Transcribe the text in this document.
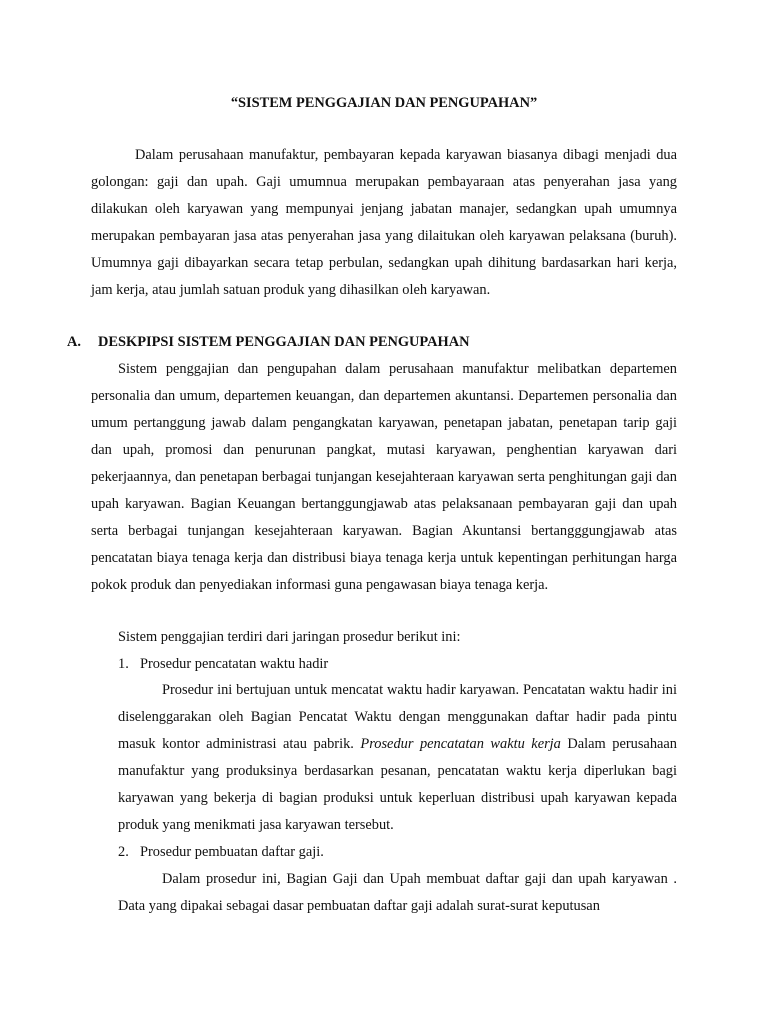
“SISTEM PENGGAJIAN DAN PENGUPAHAN”

Dalam perusahaan manufaktur, pembayaran kepada karyawan biasanya dibagi menjadi dua golongan: gaji dan upah. Gaji umumnua merupakan pembayaraan atas penyerahan jasa yang dilakukan oleh karyawan yang mempunyai jenjang jabatan manajer, sedangkan upah umumnya merupakan pembayaran jasa atas penyerahan jasa yang dilaitukan oleh karyawan pelaksana (buruh). Umumnya gaji dibayarkan secara tetap perbulan, sedangkan upah dihitung bardasarkan hari kerja, jam kerja, atau jumlah satuan produk yang dihasilkan oleh karyawan.

A. DESKPIPSI SISTEM PENGGAJIAN DAN PENGUPAHAN

Sistem penggajian dan pengupahan dalam perusahaan manufaktur melibatkan departemen personalia dan umum, departemen keuangan, dan departemen akuntansi. Departemen personalia dan umum pertanggung jawab dalam pengangkatan karyawan, penetapan jabatan, penetapan tarip gaji dan upah, promosi dan penurunan pangkat, mutasi karyawan, penghentian karyawan dari pekerjaannya, dan penetapan berbagai tunjangan kesejahteraan karyawan serta penghitungan gaji dan upah karyawan. Bagian Keuangan bertanggungjawab atas pelaksanaan pembayaran gaji dan upah serta berbagai tunjangan kesejahteraan karyawan. Bagian Akuntansi bertangggungjawab atas pencatatan biaya tenaga kerja dan distribusi biaya tenaga kerja untuk kepentingan perhitungan harga pokok produk dan penyediakan informasi guna pengawasan biaya tenaga kerja.

Sistem penggajian terdiri dari jaringan prosedur berikut ini:

1. Prosedur pencatatan waktu hadir

Prosedur ini bertujuan untuk mencatat waktu hadir karyawan. Pencatatan waktu hadir ini diselenggarakan oleh Bagian Pencatat Waktu dengan menggunakan daftar hadir pada pintu masuk kontor administrasi atau pabrik. Prosedur pencatatan waktu kerja Dalam perusahaan manufaktur yang produksinya berdasarkan pesanan, pencatatan waktu kerja diperlukan bagi karyawan yang bekerja di bagian produksi untuk keperluan distribusi upah karyawan kepada produk yang menikmati jasa karyawan tersebut.

2. Prosedur pembuatan daftar gaji.

Dalam prosedur ini, Bagian Gaji dan Upah membuat daftar gaji dan upah karyawan . Data yang dipakai sebagai dasar pembuatan daftar gaji adalah surat-surat keputusan
